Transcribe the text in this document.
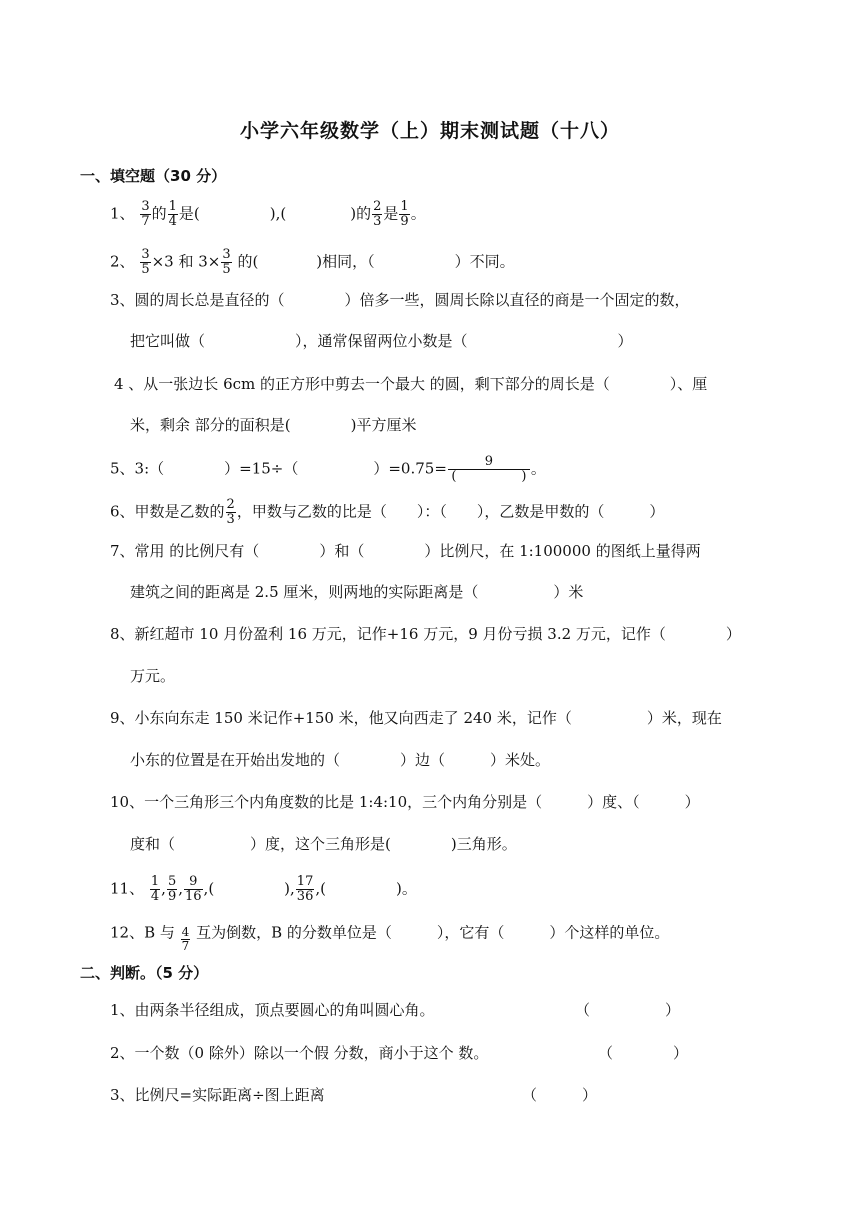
小学六年级数学（上）期末测试题（十八）
一、填空题（30 分）
1、 $\frac{3}{7}$ 的 $\frac{1}{4}$ 是(	),(	)的 $\frac{2}{3}$ 是 $\frac{1}{9}$ 。
2、 $\frac{3}{5} \times 3$ 和 $3\times \frac{3}{5}$ 的(	)相同，（	）不同。
3、圆的周长总是直径的（　　　　）倍多一些，圆周长除以直径的商是一个固定的数，
把它叫做（　　　　　　），通常保留两位小数是（　　　　　　　　　　）
4 、从一张边长 6cm 的正方形中剪去一个最大 的圆，剩下部分的周长是（　　　　）、厘
米，剩余 部分的面积是(　　　　)平方厘米
5、3:（　　　　）=15÷（　　　　　）$=0.75= \frac{9}{( )}$ 。
6、甲数是乙数的 $\frac{2}{3}$ ，甲数与乙数的比是（　　）：（　　），乙数是甲数的（　　　）
7、常用 的比例尺有（　　　　）和（　　　　）比例尺，在 1:100000 的图纸上量得两
建筑之间的距离是 2.5 厘米，则两地的实际距离是（　　　　　）米
8、新红超市 10 月份盈利 16 万元，记作+16 万元，9 月份亏损 3.2 万元，记作（　　　　）
万元。
9、小东向东走 150 米记作+150 米，他又向西走了 240 米，记作（　　　　　）米，现在
小东的位置是在开始出发地的（　　　　）边（　　　）米处。
10、一个三角形三个内角度数的比是 1:4:10，三个内角分别是（　　　）度、（　　　）
度和（　　　　　）度，这个三角形是(　　　　)三角形。
11、 $\frac{1}{4}$ , $\frac{5}{9}$ , $\frac{9}{16}$ ,(	), $\frac{17}{36}$ ,(	)。
12、B 与 $\frac{4}{7}$ 互为倒数，B 的分数单位是（　　　），它有（　　　）个这样的单位。
二、判断。（5 分）
1、由两条半径组成，顶点要圆心的角叫圆心角。	（　　　　　）
2、一个数（0 除外）除以一个假 分数，商小于这个 数。	（　　　　）
3、比例尺=实际距离÷图上距离	（　　　）
